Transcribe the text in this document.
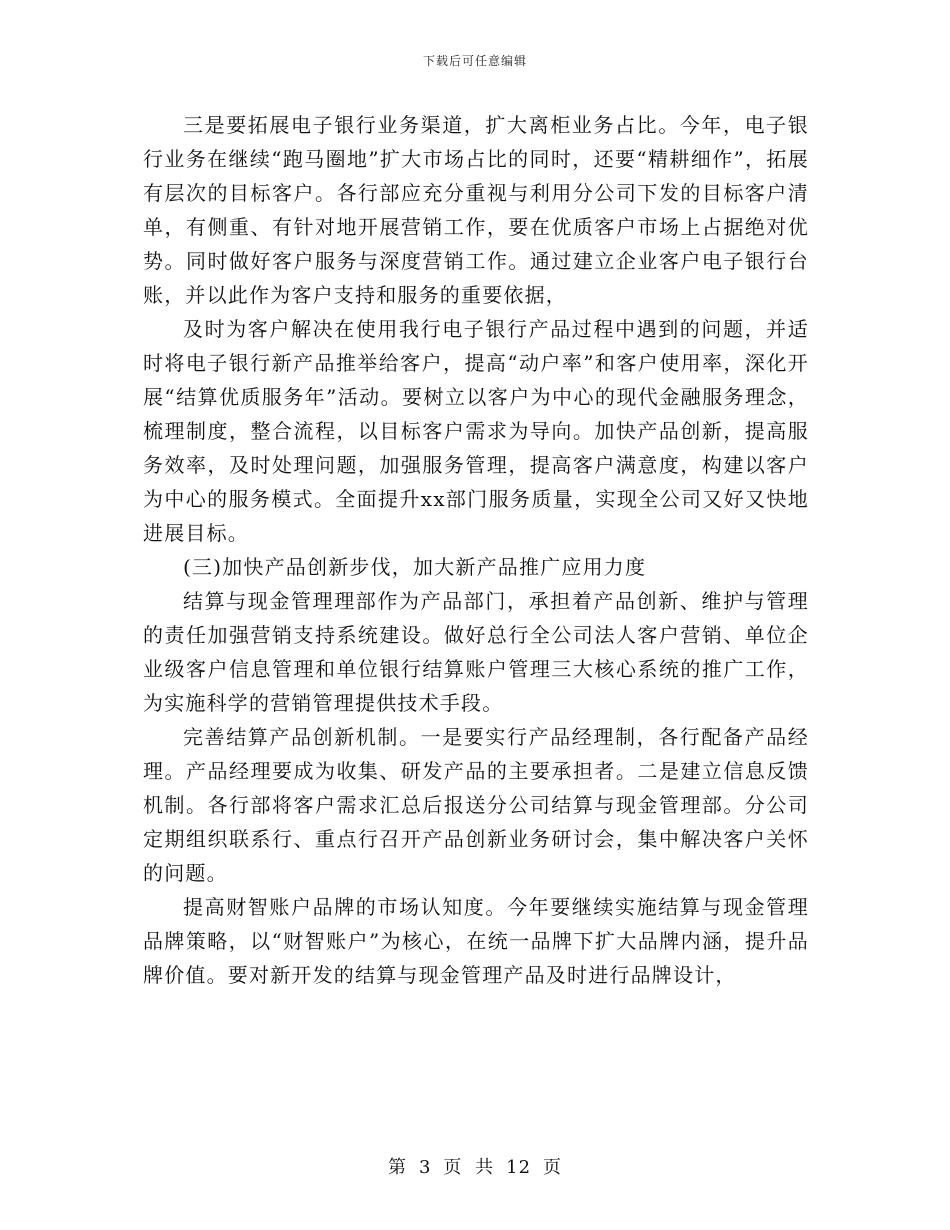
下载后可任意编辑

三是要拓展电子银行业务渠道，扩大离柜业务占比。今年，电子银行业务在继续“跑马圈地”扩大市场占比的同时，还要“精耕细作”，拓展有层次的目标客户。各行部应充分重视与利用分公司下发的目标客户清单，有侧重、有针对地开展营销工作，要在优质客户市场上占据绝对优势。同时做好客户服务与深度营销工作。通过建立企业客户电子银行台账，并以此作为客户支持和服务的重要依据，

及时为客户解决在使用我行电子银行产品过程中遇到的问题，并适时将电子银行新产品推举给客户，提高“动户率”和客户使用率，深化开展“结算优质服务年”活动。要树立以客户为中心的现代金融服务理念，梳理制度，整合流程，以目标客户需求为导向。加快产品创新，提高服务效率，及时处理问题，加强服务管理，提高客户满意度，构建以客户为中心的服务模式。全面提升xx部门服务质量，实现全公司又好又快地进展目标。

(三)加快产品创新步伐，加大新产品推广应用力度

结算与现金管理理部作为产品部门，承担着产品创新、维护与管理的责任加强营销支持系统建设。做好总行全公司法人客户营销、单位企业级客户信息管理和单位银行结算账户管理三大核心系统的推广工作，为实施科学的营销管理提供技术手段。

完善结算产品创新机制。一是要实行产品经理制，各行配备产品经理。产品经理要成为收集、研发产品的主要承担者。二是建立信息反馈机制。各行部将客户需求汇总后报送分公司结算与现金管理部。分公司定期组织联系行、重点行召开产品创新业务研讨会，集中解决客户关怀的问题。

提高财智账户品牌的市场认知度。今年要继续实施结算与现金管理品牌策略，以“财智账户”为核心，在统一品牌下扩大品牌内涵，提升品牌价值。要对新开发的结算与现金管理产品及时进行品牌设计，

第 3 页 共 12 页
